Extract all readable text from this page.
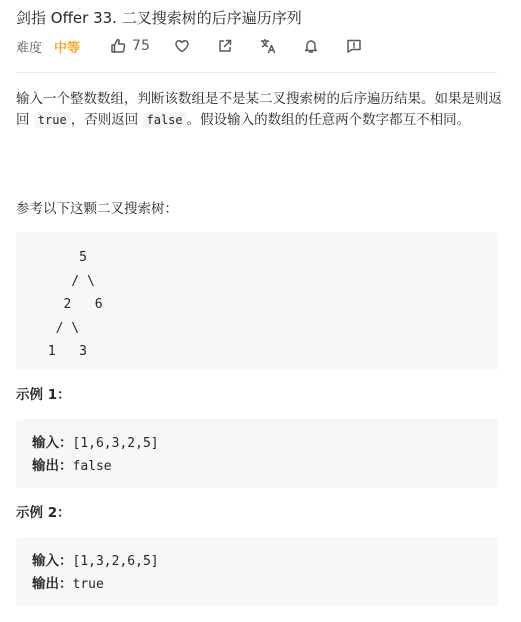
剑指 Offer 33. 二叉搜索树的后序遍历序列
难度 中等	75
输入一个整数数组，判断该数组是不是某二叉搜索树的后序遍历结果。如果是则返回 true ，否则返回 false 。假设输入的数组的任意两个数字都互不相同。
参考以下这颗二叉搜索树：
5
/ \
2   6
/ \
1   3
示例 1：
输入：[1,6,3,2,5]
输出：false
示例 2：
输入：[1,3,2,6,5]
输出：true
